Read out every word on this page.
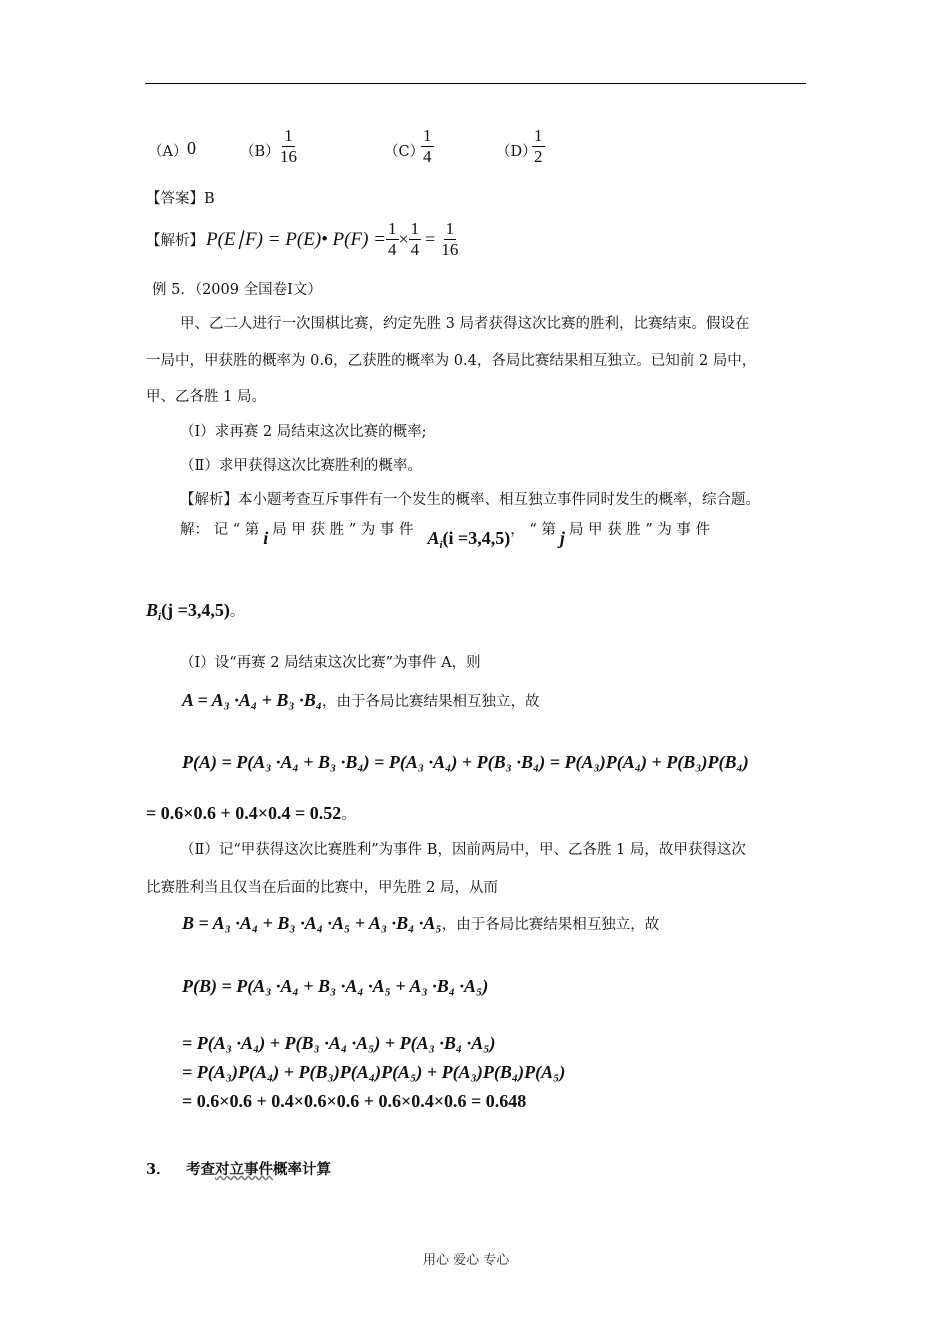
（A） 0	（B）
$\frac{1}{16}$	（C）
$\frac{1}{4}$	（D）
$\frac{1}{2}$
【答案】B
【解析】 P(E∣F) = P(E)• $P(F) = \frac{1}{4} \times \frac{1}{4} = \frac{1}{16}$
例 5．（2009 全国卷Ⅰ文）
甲、乙二人进行一次围棋比赛，约定先胜 3 局者获得这次比赛的胜利，比赛结束。假设在
一局中，甲获胜的概率为 0.6，乙获胜的概率为 0.4，各局比赛结果相互独立。已知前 2 局中，
甲、乙各胜 1 局。
（Ⅰ）求再赛 2 局结束这次比赛的概率;
（Ⅱ）求甲获得这次比赛胜利的概率。
【解析】本小题考查互斥事件有一个发生的概率、相互独立事件同时发生的概率，综合题。
解： 记 “ 第 i 局 甲 获 胜 ” 为 事 件 $A_i(i =3,4,5)$ ， “ 第 j 局 甲 获 胜 ” 为 事 件
$B_i(j =3,4,5)$ 。
（Ⅰ）设“再赛 2 局结束这次比赛”为事件 A，则
A = A₃ ·A₄ + B₃ ·B₄ ，由于各局比赛结果相互独立，故
P(A) = P(A₃ ·A₄ + B₃ ·B₄) = P(A₃ ·A₄) + P(B₃ ·B₄) = P(A₃)P(A₄) + P(B₃)P(B₄)
= 0.6×0.6 + 0.4×0.4 = 0.52 。
（Ⅱ）记“甲获得这次比赛胜利”为事件 B，因前两局中，甲、乙各胜 1 局，故甲获得这次
比赛胜利当且仅当在后面的比赛中，甲先胜 2 局，从而
B = A₃ ·A₄ + B₃ ·A₄ ·A₅ + A₃ ·B₄ ·A₅ ，由于各局比赛结果相互独立，故
P(B) = P(A₃ ·A₄ + B₃ ·A₄ ·A₅ + A₃ ·B₄ ·A₅)
= P(A₃ ·A₄) + P(B₃ ·A₄ ·A₅) + P(A₃ ·B₄ ·A₅)
= P(A₃)P(A₄) + P(B₃)P(A₄)P(A₅) + P(A₃)P(B₄)P(A₅)
= 0.6×0.6 + 0.4×0.6×0.6 + 0.6×0.4×0.6 = 0.648
3．	考查 对立事件 概率计算
用心 爱心 专心
